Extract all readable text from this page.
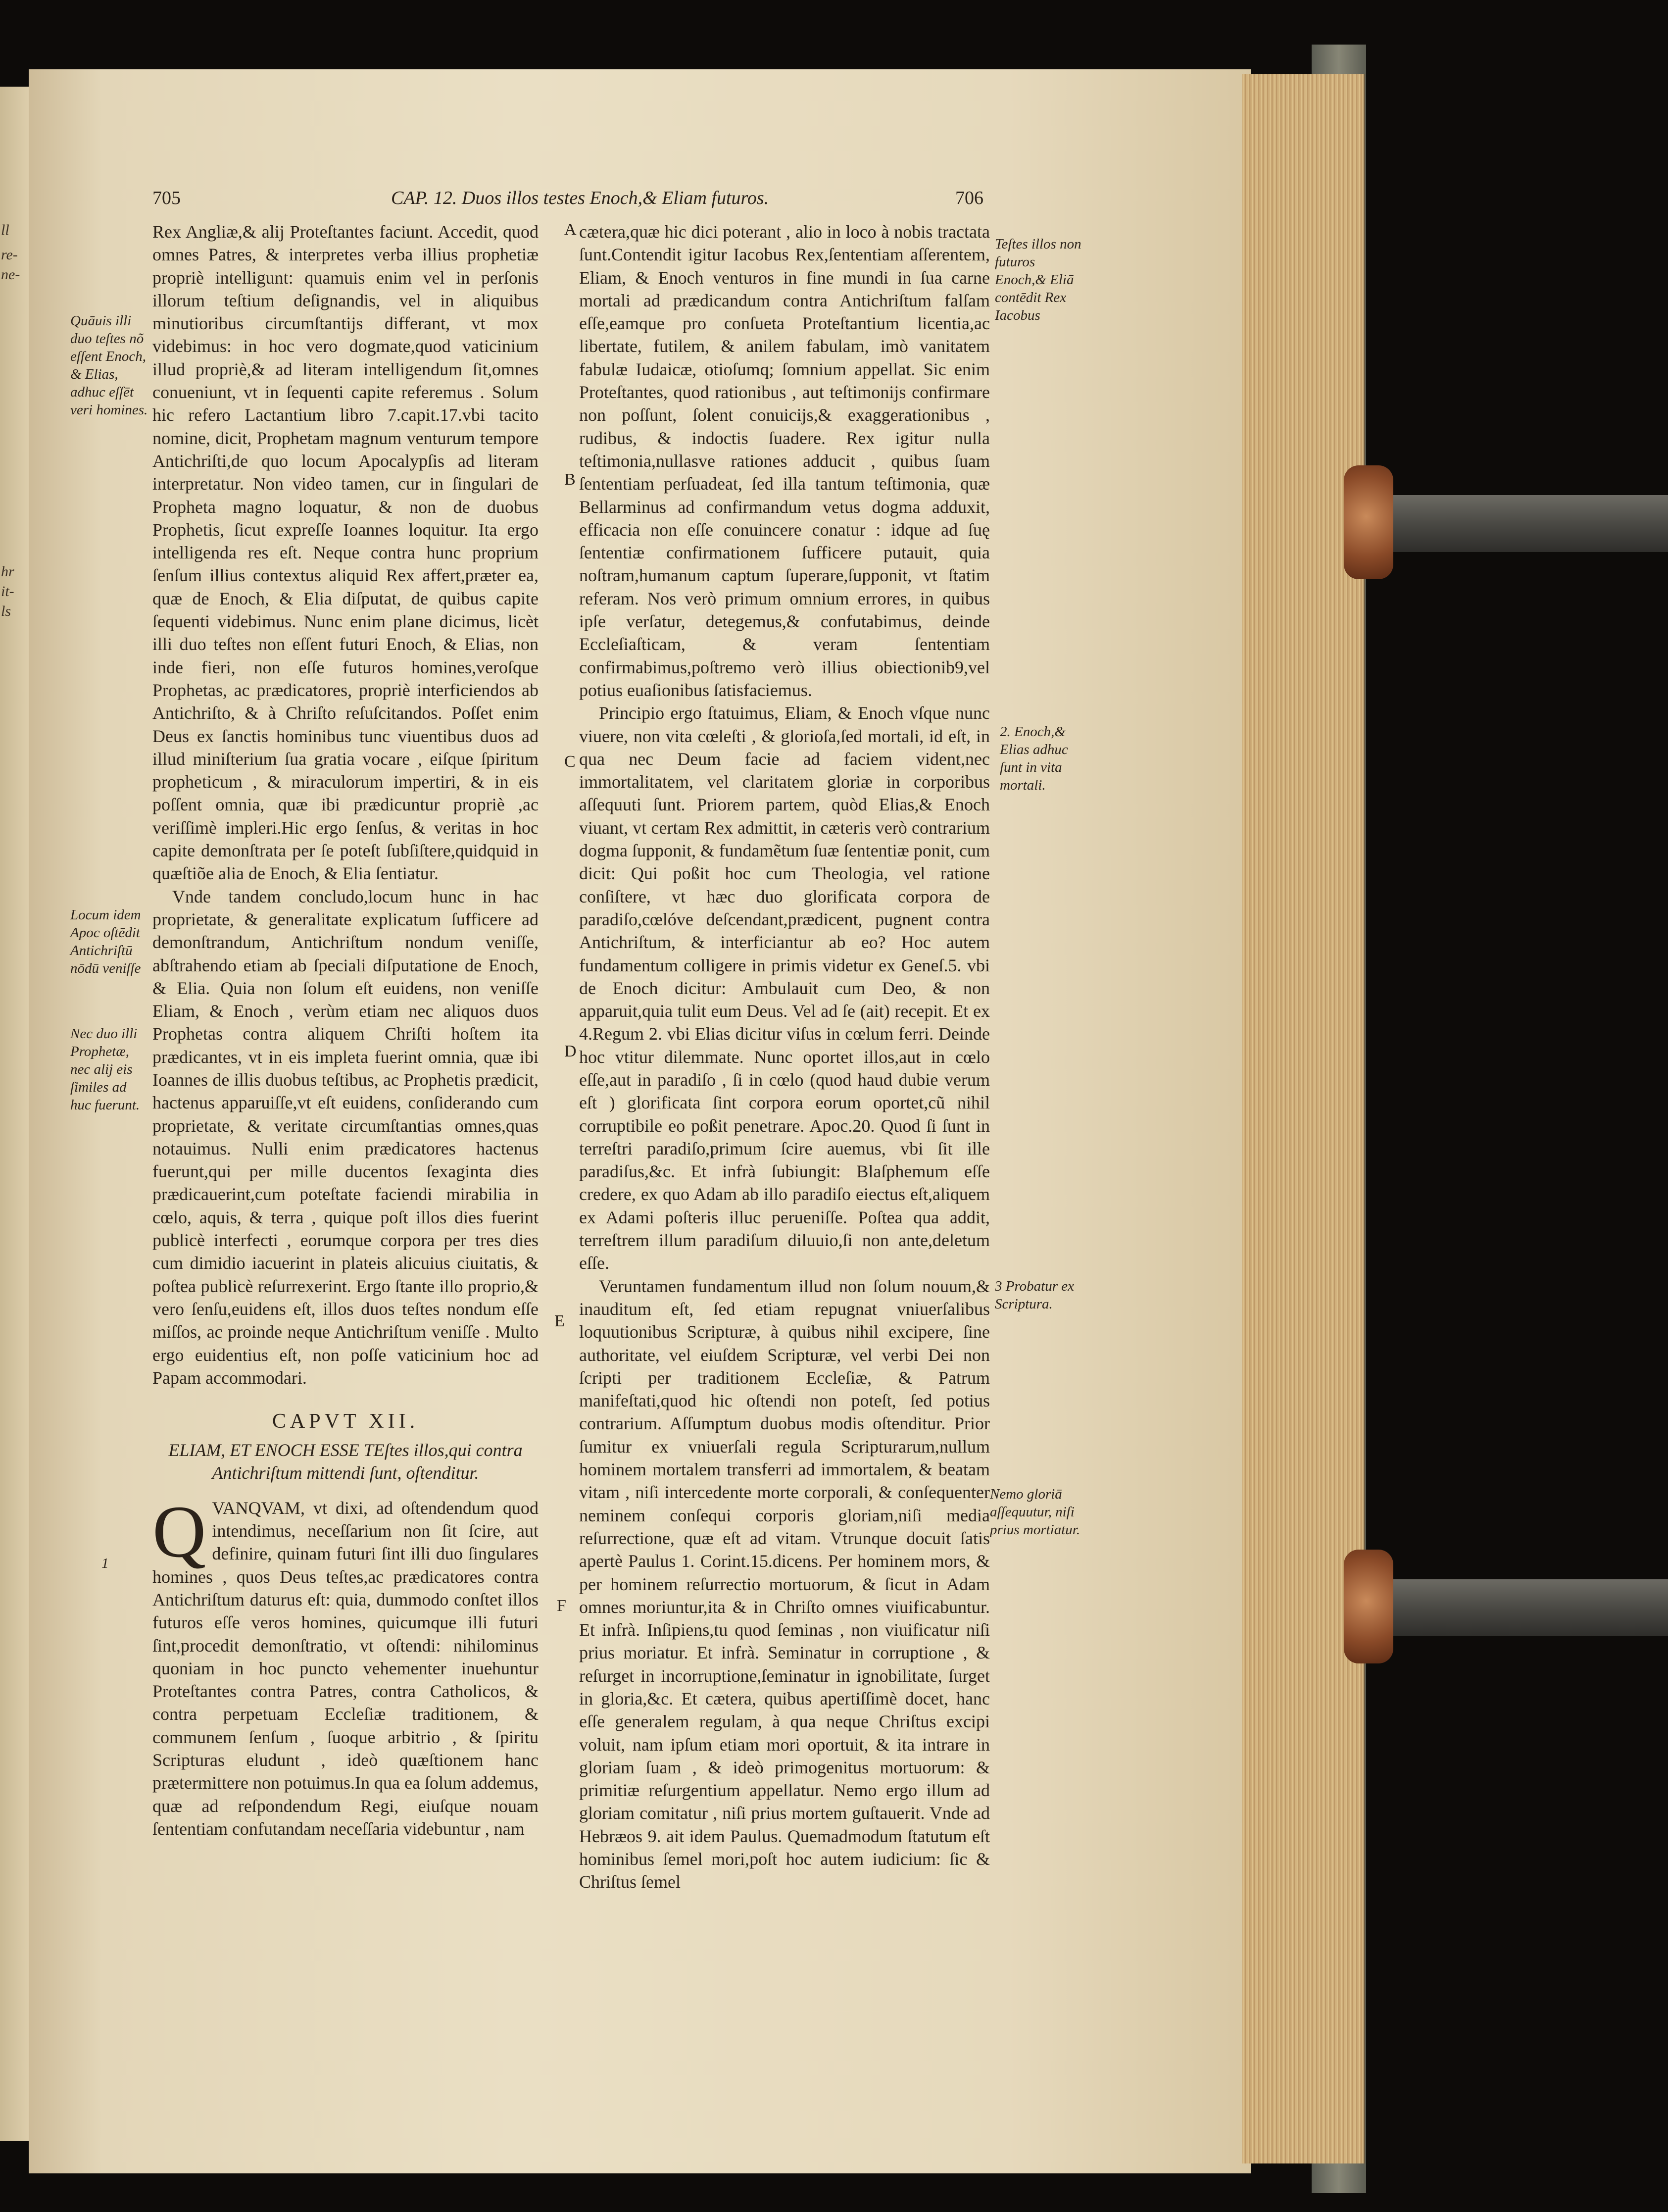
ll
re-
ne-
hr
it-
ls
705	CAP. 12. Duos illos testes Enoch,& Eliam futuros.	706

Rex Angliæ,& alij Proteſtantes faciunt. Accedit, quod omnes Patres, & interpretes verba illius prophetiæ propriè intelligunt: quamuis enim vel in perſonis illorum teſtium deſignandis, vel in aliquibus minutioribus circumſtantijs differant, vt mox videbimus: in hoc vero dogmate,quod vaticinium illud propriè,& ad literam intelligendum ſit,omnes conueniunt, vt in ſequenti capite referemus . Solum hic refero Lactantium libro 7.capit.17.vbi tacito nomine, dicit, Prophetam magnum venturum tempore Antichriſti,de quo locum Apocalypſis ad literam interpretatur. Non video tamen, cur in ſingulari de Propheta magno loquatur, & non de duobus Prophetis, ſicut expreſſe Ioannes loquitur. Ita ergo intelligenda res eſt. Neque contra hunc proprium ſenſum illius contextus aliquid Rex affert,præter ea, quæ de Enoch, & Elia diſputat, de quibus capite ſequenti videbimus. Nunc enim plane dicimus, licèt illi duo teſtes non eſſent futuri Enoch, & Elias, non inde fieri, non eſſe futuros homines,veroſque Prophetas, ac prædicatores, propriè interficiendos ab Antichriſto, & à Chriſto reſuſcitandos. Poſſet enim Deus ex ſanctis hominibus tunc viuentibus duos ad illud miniſterium ſua gratia vocare , eiſque ſpiritum propheticum , & miraculorum impertiri, & in eis poſſent omnia, quæ ibi prædicuntur propriè ,ac veriſſimè impleri.Hic ergo ſenſus, & veritas in hoc capite demonſtrata per ſe poteſt ſubſiſtere,quidquid in quæſtiõe alia de Enoch, & Elia ſentiatur.

Vnde tandem concludo,locum hunc in hac proprietate, & generalitate explicatum ſufficere ad demonſtrandum, Antichriſtum nondum veniſſe, abſtrahendo etiam ab ſpeciali diſputatione de Enoch, & Elia. Quia non ſolum eſt euidens, non veniſſe Eliam, & Enoch , verùm etiam nec aliquos duos Prophetas contra aliquem Chriſti hoſtem ita prædicantes, vt in eis impleta fuerint omnia, quæ ibi Ioannes de illis duobus teſtibus, ac Prophetis prædicit, hactenus apparuiſſe,vt eſt euidens, conſiderando cum proprietate, & veritate circumſtantias omnes,quas notauimus. Nulli enim prædicatores hactenus fuerunt,qui per mille ducentos ſexaginta dies prædicauerint,cum poteſtate faciendi mirabilia in cœlo, aquis, & terra , quique poſt illos dies fuerint publicè interfecti , eorumque corpora per tres dies cum dimidio iacuerint in plateis alicuius ciuitatis, & poſtea publicè reſurrexerint. Ergo ſtante illo proprio,& vero ſenſu,euidens eſt, illos duos teſtes nondum eſſe miſſos, ac proinde neque Antichriſtum veniſſe . Multo ergo euidentius eſt, non poſſe vaticinium hoc ad Papam accommodari.

CAPVT XII.

ELIAM, ET ENOCH ESSE TEſtes illos,qui contra Antichriſtum mittendi ſunt, oſtenditur.

QVANQVAM, vt dixi, ad oſtendendum quod intendimus, neceſſarium non ſit ſcire, aut definire, quinam futuri ſint illi duo ſingulares homines , quos Deus teſtes,ac prædicatores contra Antichriſtum daturus eſt: quia, dummodo conſtet illos futuros eſſe veros homines, quicumque illi futuri ſint,procedit demonſtratio, vt oſtendi: nihilominus quoniam in hoc puncto vehementer inuehuntur Proteſtantes contra Patres, contra Catholicos, & contra perpetuam Eccleſiæ traditionem, & communem ſenſum , ſuoque arbitrio , & ſpiritu Scripturas eludunt , ideò quæſtionem hanc prætermittere non potuimus.In qua ea ſolum addemus, quæ ad reſpondendum Regi, eiuſque nouam ſententiam confutandam neceſſaria videbuntur , nam

cætera,quæ hic dici poterant , alio in loco à nobis tractata ſunt.Contendit igitur Iacobus Rex,ſententiam aſſerentem, Eliam, & Enoch venturos in fine mundi in ſua carne mortali ad prædicandum contra Antichriſtum falſam eſſe,eamque pro conſueta Proteſtantium licentia,ac libertate, futilem, & anilem fabulam, imò vanitatem fabulæ Iudaicæ, otioſumq; ſomnium appellat. Sic enim Proteſtantes, quod rationibus , aut teſtimonijs confirmare non poſſunt, ſolent conuicijs,& exaggerationibus , rudibus, & indoctis ſuadere. Rex igitur nulla teſtimonia,nullasve rationes adducit , quibus ſuam ſententiam perſuadeat, ſed illa tantum teſtimonia, quæ Bellarminus ad confirmandum vetus dogma adduxit, efficacia non eſſe conuincere conatur : idque ad ſuę ſententiæ confirmationem ſufficere putauit, quia noſtram,humanum captum ſuperare,ſupponit, vt ſtatim referam. Nos verò primum omnium errores, in quibus ipſe verſatur, detegemus,& confutabimus, deinde Eccleſiaſticam, & veram ſententiam confirmabimus,poſtremo verò illius obiectionib9,vel potius euaſionibus ſatisfaciemus.

Principio ergo ſtatuimus, Eliam, & Enoch vſque nunc viuere, non vita cœleſti , & glorioſa,ſed mortali, id eſt, in qua nec Deum facie ad faciem vident,nec immortalitatem, vel claritatem gloriæ in corporibus aſſequuti ſunt. Priorem partem, quòd Elias,& Enoch viuant, vt certam Rex admittit, in cæteris verò contrarium dogma ſupponit, & fundamẽtum ſuæ ſententiæ ponit, cum dicit: Qui poßit hoc cum Theologia, vel ratione conſiſtere, vt hæc duo glorificata corpora de paradiſo,cœlóve deſcendant,prædicent, pugnent contra Antichriſtum, & interficiantur ab eo? Hoc autem fundamentum colligere in primis videtur ex Geneſ.5. vbi de Enoch dicitur: Ambulauit cum Deo, & non apparuit,quia tulit eum Deus. Vel ad ſe (ait) recepit. Et ex 4.Regum 2. vbi Elias dicitur viſus in cœlum ferri. Deinde hoc vtitur dilemmate. Nunc oportet illos,aut in cœlo eſſe,aut in paradiſo , ſi in cœlo (quod haud dubie verum eſt ) glorificata ſint corpora eorum oportet,cũ nihil corruptibile eo poßit penetrare. Apoc.20. Quod ſi ſunt in terreſtri paradiſo,primum ſcire auemus, vbi ſit ille paradiſus,&c. Et infrà ſubiungit: Blaſphemum eſſe credere, ex quo Adam ab illo paradiſo eiectus eſt,aliquem ex Adami poſteris illuc perueniſſe. Poſtea qua addit, terreſtrem illum paradiſum diluuio,ſi non ante,deletum eſſe.

Veruntamen fundamentum illud non ſolum nouum,& inauditum eſt, ſed etiam repugnat vniuerſalibus loquutionibus Scripturæ, à quibus nihil excipere, ſine authoritate, vel eiuſdem Scripturæ, vel verbi Dei non ſcripti per traditionem Eccleſiæ, & Patrum manifeſtati,quod hic oſtendi non poteſt, ſed potius contrarium. Aſſumptum duobus modis oſtenditur. Prior ſumitur ex vniuerſali regula Scripturarum,nullum hominem mortalem transferri ad immortalem, & beatam vitam , niſi intercedente morte corporali, & conſequenter neminem conſequi corporis gloriam,niſi media reſurrectione, quæ eſt ad vitam. Vtrunque docuit ſatis apertè Paulus 1. Corint.15.dicens. Per hominem mors, & per hominem reſurrectio mortuorum, & ſicut in Adam omnes moriuntur,ita & in Chriſto omnes viuificabuntur. Et infrà. Inſipiens,tu quod ſeminas , non viuificatur niſi prius moriatur. Et infrà. Seminatur in corruptione , & reſurget in incorruptione,ſeminatur in ignobilitate, ſurget in gloria,&c. Et cætera, quibus apertiſſimè docet, hanc eſſe generalem regulam, à qua neque Chriſtus excipi voluit, nam ipſum etiam mori oportuit, & ita intrare in gloriam ſuam , & ideò primogenitus mortuorum: & primitiæ reſurgentium appellatur. Nemo ergo illum ad gloriam comitatur , niſi prius mortem guſtauerit. Vnde ad Hebræos 9. ait idem Paulus. Quemadmodum ſtatutum eſt hominibus ſemel mori,poſt hoc autem iudicium: ſic & Chriſtus ſemel

Quāuis illi duo teſtes nõ eſſent Enoch, & Elias, adhuc eſſēt veri homines.
Locum idem Apoc oſtēdit Antichriſtū nōdū veniſſe
Nec duo illi Prophetæ, nec alij eis ſimiles ad huc fuerunt.
1
Teſtes illos non futuros Enoch,& Eliā contēdit Rex Iacobus
2. Enoch,& Elias adhuc ſunt in vita mortali.
3 Probatur ex Scriptura.
Nemo gloriā aſſequutur, niſi prius mortiatur.
A
B
C
D
E
F
